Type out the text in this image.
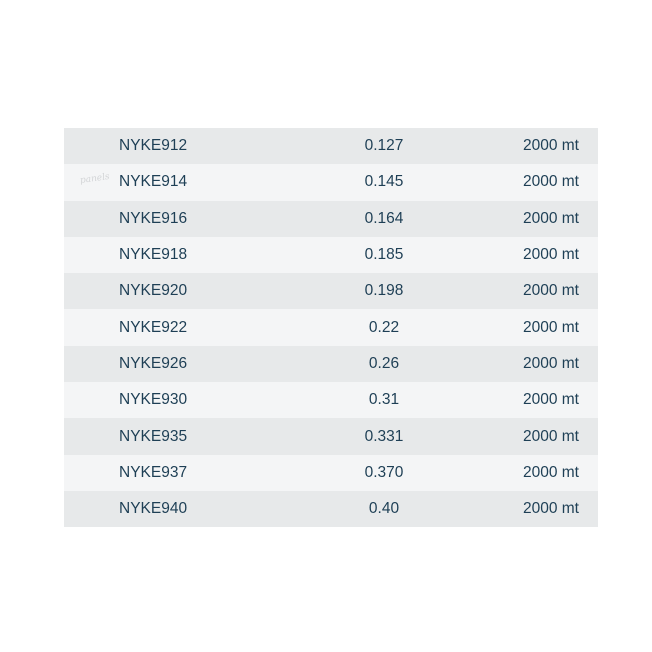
NYKE912	0.127	2000 mt
NYKE914	0.145	2000 mt
NYKE916	0.164	2000 mt
NYKE918	0.185	2000 mt
NYKE920	0.198	2000 mt
NYKE922	0.22	2000 mt
NYKE926	0.26	2000 mt
NYKE930	0.31	2000 mt
NYKE935	0.331	2000 mt
NYKE937	0.370	2000 mt
NYKE940	0.40	2000 mt
panels
